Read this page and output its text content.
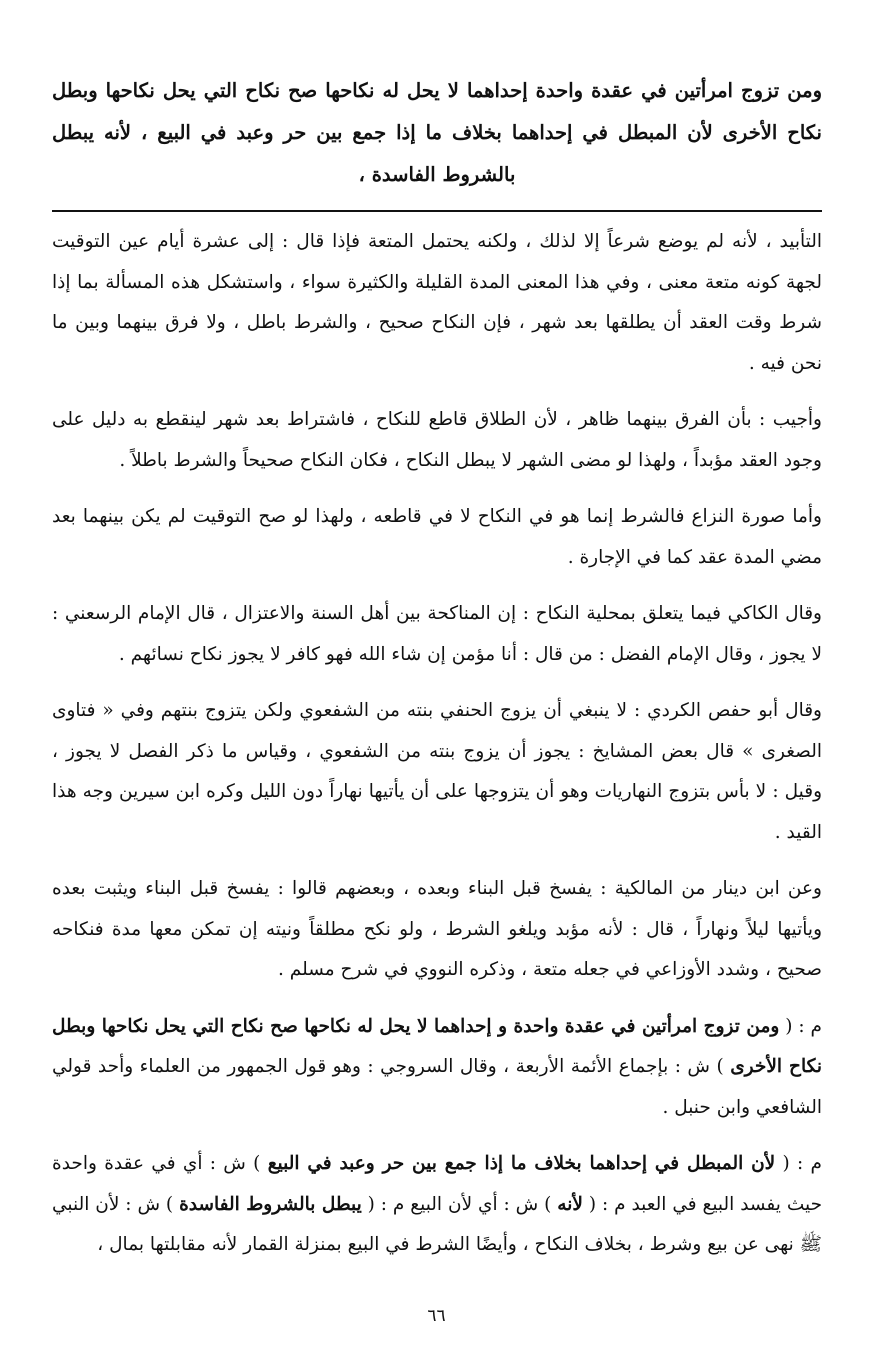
ومن تزوج امرأتين في عقدة واحدة إحداهما لا يحل له نكاحها صح نكاح التي يحل نكاحها وبطل نكاح الأخرى لأن المبطل في إحداهما بخلاف ما إذا جمع بين حر وعبد في البيع ، لأنه يبطل بالشروط الفاسدة ،

التأبيد ، لأنه لم يوضع شرعاً إلا لذلك ، ولكنه يحتمل المتعة فإذا قال : إلى عشرة أيام عين التوقيت لجهة كونه متعة معنى ، وفي هذا المعنى المدة القليلة والكثيرة سواء ، واستشكل هذه المسألة بما إذا شرط وقت العقد أن يطلقها بعد شهر ، فإن النكاح صحيح ، والشرط باطل ، ولا فرق بينهما وبين ما نحن فيه .

وأجيب : بأن الفرق بينهما ظاهر ، لأن الطلاق قاطع للنكاح ، فاشتراط بعد شهر لينقطع به دليل على وجود العقد مؤبداً ، ولهذا لو مضى الشهر لا يبطل النكاح ، فكان النكاح صحيحاً والشرط باطلاً .

وأما صورة النزاع فالشرط إنما هو في النكاح لا في قاطعه ، ولهذا لو صح التوقيت لم يكن بينهما بعد مضي المدة عقد كما في الإجارة .

وقال الكاكي فيما يتعلق بمحلية النكاح : إن المناكحة بين أهل السنة والاعتزال ، قال الإمام الرسعني : لا يجوز ، وقال الإمام الفضل : من قال : أنا مؤمن إن شاء الله فهو كافر لا يجوز نكاح نسائهم .

وقال أبو حفص الكردي : لا ينبغي أن يزوج الحنفي بنته من الشفعوي ولكن يتزوج بنتهم وفي « فتاوى الصغرى » قال بعض المشايخ : يجوز أن يزوج بنته من الشفعوي ، وقياس ما ذكر الفصل لا يجوز ، وقيل : لا بأس بتزوج النهاريات وهو أن يتزوجها على أن يأتيها نهاراً دون الليل وكره ابن سيرين وجه هذا القيد .

وعن ابن دينار من المالكية : يفسخ قبل البناء وبعده ، وبعضهم قالوا : يفسخ قبل البناء ويثبت بعده ويأتيها ليلاً ونهاراً ، قال : لأنه مؤبد ويلغو الشرط ، ولو نكح مطلقاً ونيته إن تمكن معها مدة فنكاحه صحيح ، وشدد الأوزاعي في جعله متعة ، وذكره النووي في شرح مسلم .

م : ( ومن تزوج امرأتين في عقدة واحدة و إحداهما لا يحل له نكاحها صح نكاح التي يحل نكاحها وبطل نكاح الأخرى ) ش : بإجماع الأئمة الأربعة ، وقال السروجي : وهو قول الجمهور من العلماء وأحد قولي الشافعي وابن حنبل .

م : ( لأن المبطل في إحداهما بخلاف ما إذا جمع بين حر وعبد في البيع ) ش : أي في عقدة واحدة حيث يفسد البيع في العبد م : ( لأنه ) ش : أي لأن البيع م : ( يبطل بالشروط الفاسدة ) ش : لأن النبي ﷺ نهى عن بيع وشرط ، بخلاف النكاح ، وأيضًا الشرط في البيع بمنزلة القمار لأنه مقابلتها بمال ،

٦٦
